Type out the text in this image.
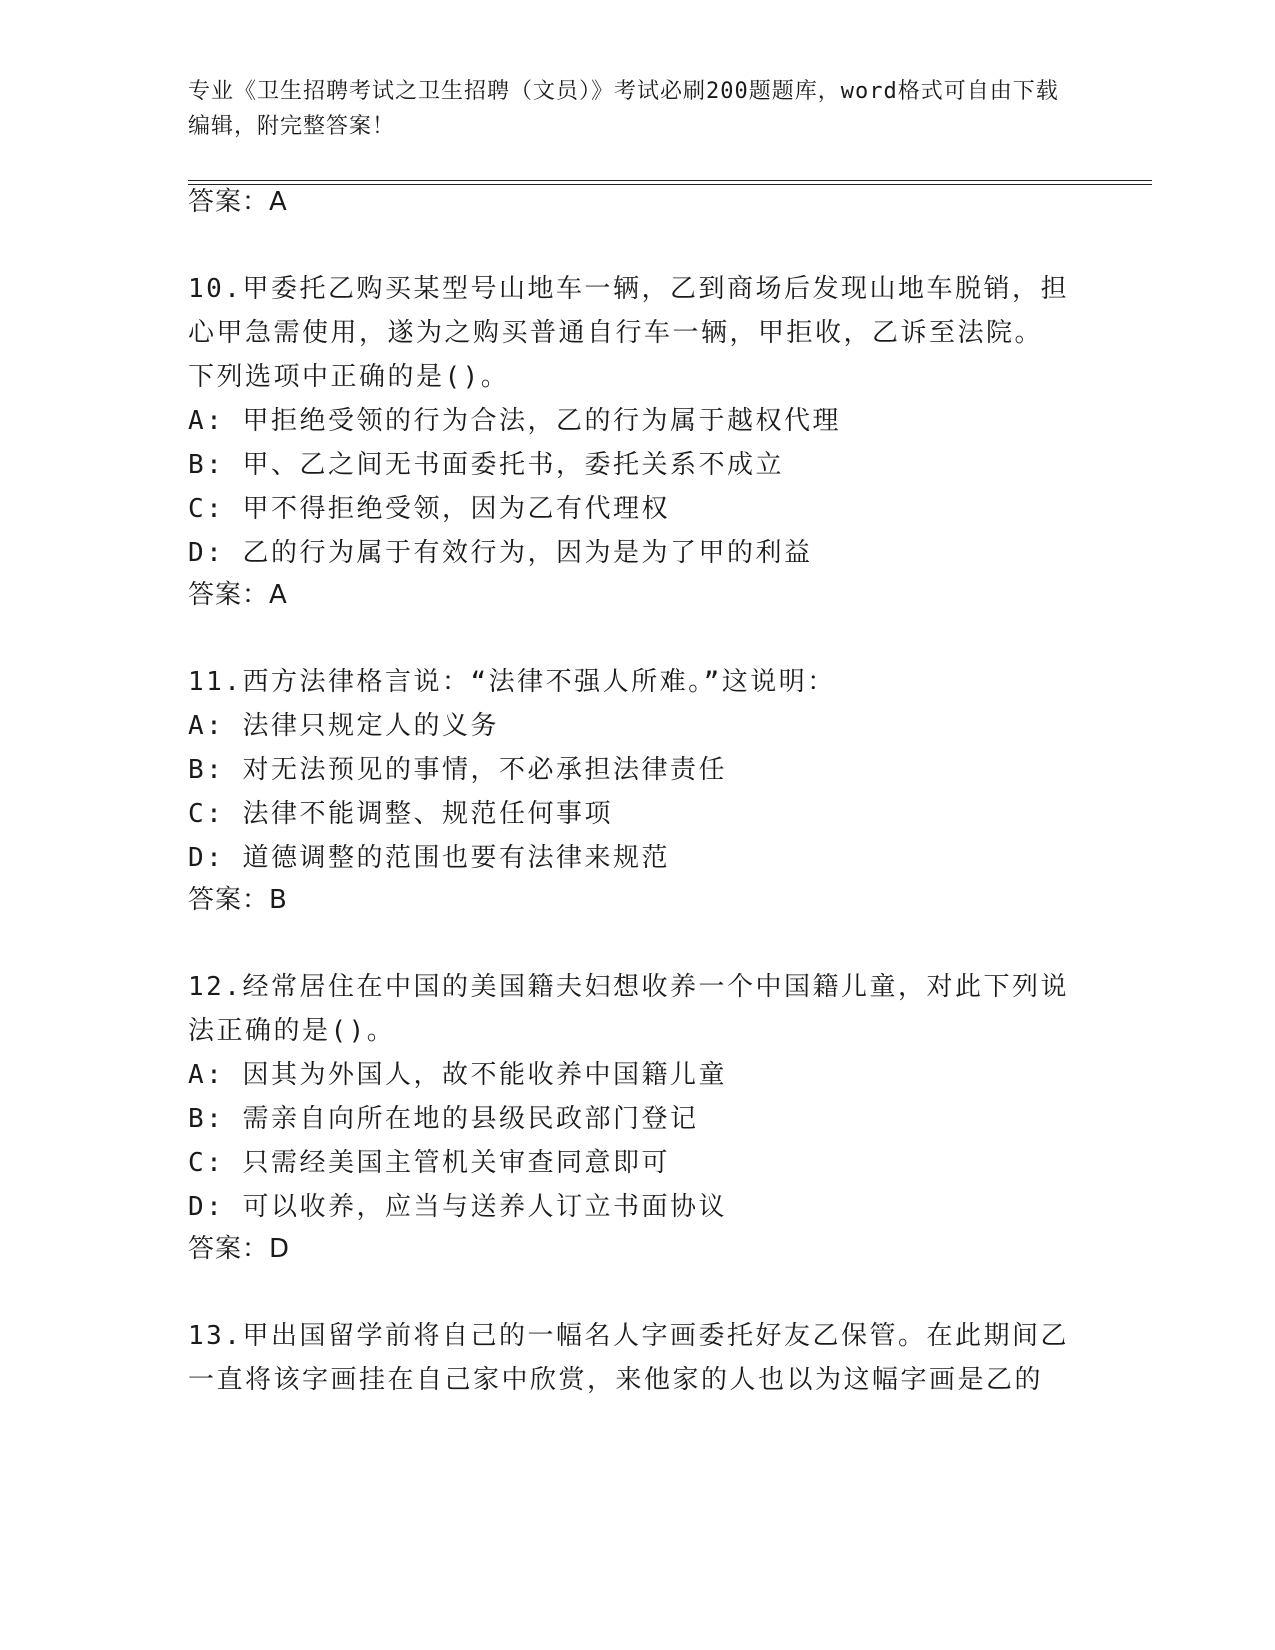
专业《卫生招聘考试之卫生招聘（文员）》考试必刷200题题库，word格式可自由下载编辑，附完整答案！
答案：A
10.甲委托乙购买某型号山地车一辆，乙到商场后发现山地车脱销，担
心甲急需使用，遂为之购买普通自行车一辆，甲拒收，乙诉至法院。
下列选项中正确的是()。
A: 甲拒绝受领的行为合法，乙的行为属于越权代理
B: 甲、乙之间无书面委托书，委托关系不成立
C: 甲不得拒绝受领，因为乙有代理权
D: 乙的行为属于有效行为，因为是为了甲的利益
答案：A
11.西方法律格言说：“法律不强人所难。”这说明：
A: 法律只规定人的义务
B: 对无法预见的事情，不必承担法律责任
C: 法律不能调整、规范任何事项
D: 道德调整的范围也要有法律来规范
答案：B
12.经常居住在中国的美国籍夫妇想收养一个中国籍儿童，对此下列说
法正确的是()。
A: 因其为外国人，故不能收养中国籍儿童
B: 需亲自向所在地的县级民政部门登记
C: 只需经美国主管机关审查同意即可
D: 可以收养，应当与送养人订立书面协议
答案：D
13.甲出国留学前将自己的一幅名人字画委托好友乙保管。在此期间乙
一直将该字画挂在自己家中欣赏，来他家的人也以为这幅字画是乙的
